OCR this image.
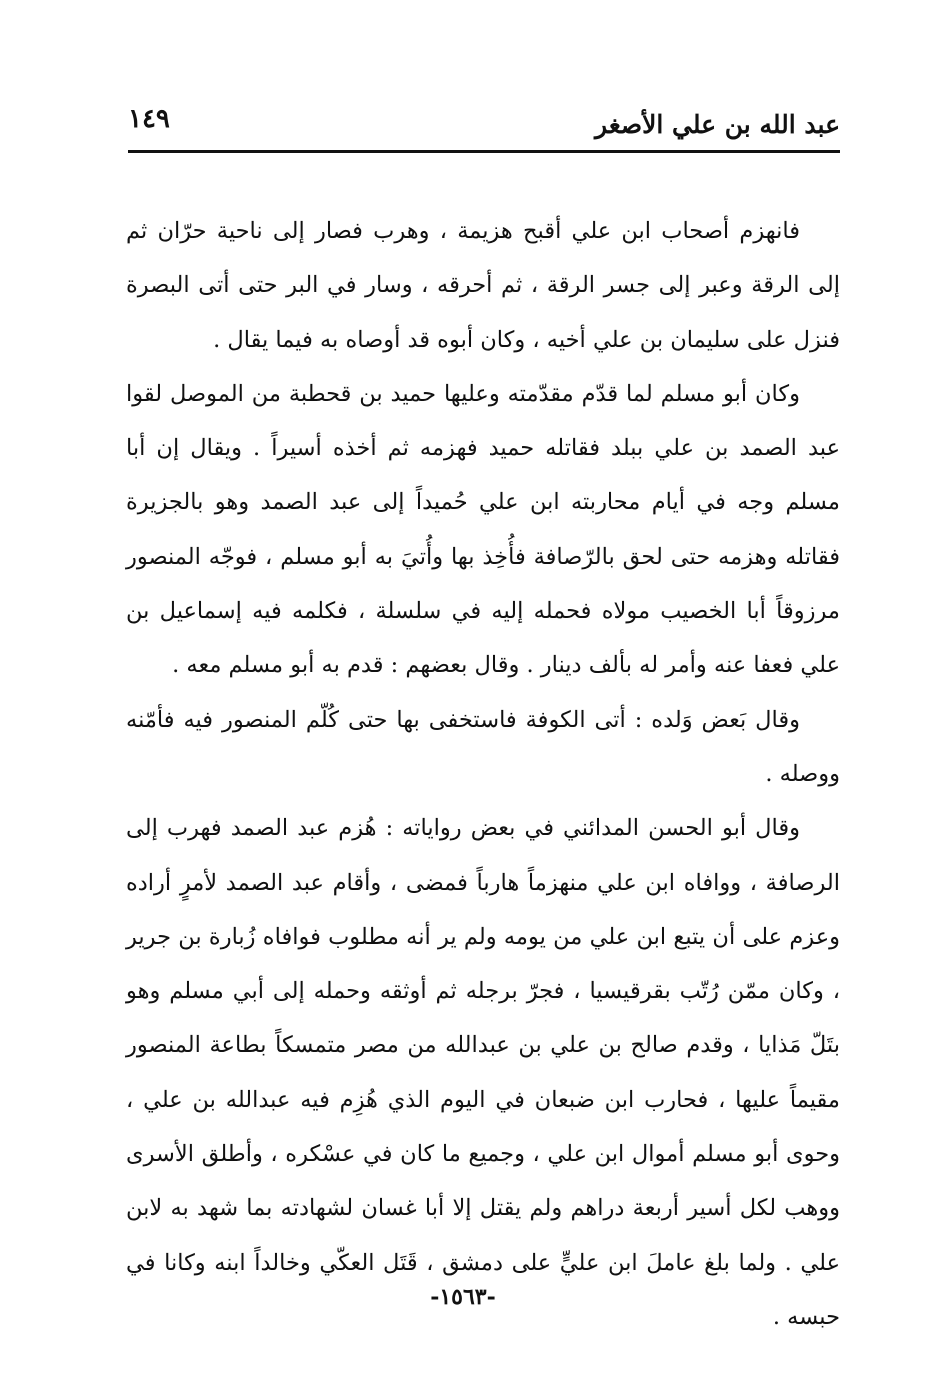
عبد الله بن علي الأصغر
١٤٩

فانهزم أصحاب ابن علي أقبح هزيمة ، وهرب فصار إلى ناحية حرّان ثم إلى الرقة وعبر إلى جسر الرقة ، ثم أحرقه ، وسار في البر حتى أتى البصرة فنزل على سليمان بن علي أخيه ، وكان أبوه قد أوصاه به فيما يقال .

وكان أبو مسلم لما قدّم مقدّمته وعليها حميد بن قحطبة من الموصل لقوا عبد الصمد بن علي ببلد فقاتله حميد فهزمه ثم أخذه أسيراً . ويقال إن أبا مسلم وجه في أيام محاربته ابن علي حُميداً إلى عبد الصمد وهو بالجزيرة فقاتله وهزمه حتى لحق بالرّصافة فأُخِذ بها وأُتيَ به أبو مسلم ، فوجّه المنصور مرزوقاً أبا الخصيب مولاه فحمله إليه في سلسلة ، فكلمه فيه إسماعيل بن علي فعفا عنه وأمر له بألف دينار . وقال بعضهم : قدم به أبو مسلم معه .

وقال بَعض وَلده : أتى الكوفة فاستخفى بها حتى كُلّم المنصور فيه فأمّنه ووصله .

وقال أبو الحسن المدائني في بعض رواياته : هُزم عبد الصمد فهرب إلى الرصافة ، ووافاه ابن علي منهزماً هارباً فمضى ، وأقام عبد الصمد لأمرٍ أراده وعزم على أن يتبع ابن علي من يومه ولم ير أنه مطلوب فوافاه زُبارة بن جرير ، وكان ممّن رُتّب بقرقيسيا ، فجرّ برجله ثم أوثقه وحمله إلى أبي مسلم وهو بتَلّ مَذايا ، وقدم صالح بن علي بن عبدالله من مصر متمسكاً بطاعة المنصور مقيماً عليها ، فحارب ابن ضبعان في اليوم الذي هُزِم فيه عبدالله بن علي ، وحوى أبو مسلم أموال ابن علي ، وجميع ما كان في عسْكره ، وأطلق الأسرى ووهب لكل أسير أربعة دراهم ولم يقتل إلا أبا غسان لشهادته بما شهد به لابن علي . ولما بلغ عاملَ ابن عليٍّ على دمشق ، قَتَل العكّي وخالداً ابنه وكانا في حبسه .

-١٥٦٣-
